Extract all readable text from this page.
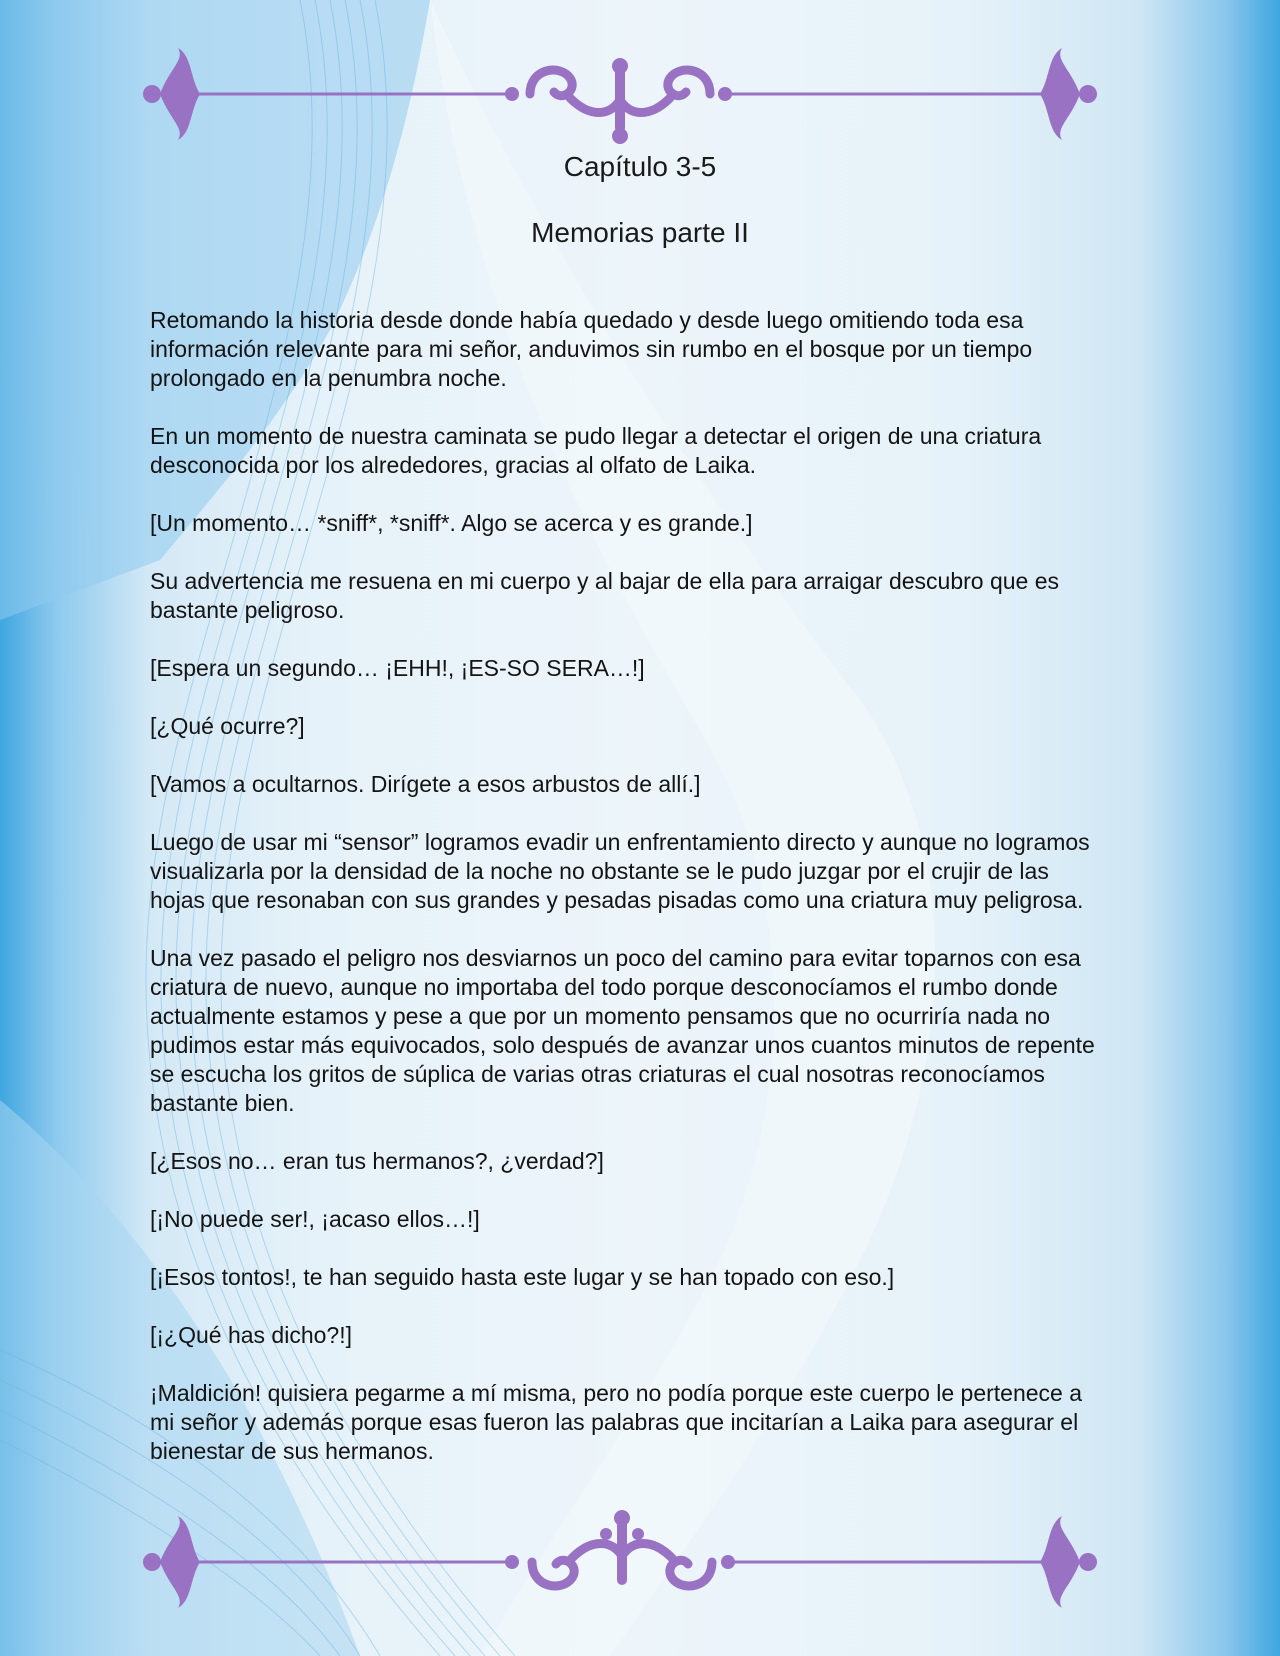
Capítulo 3-5

Memorias parte II

Retomando la historia desde donde había quedado y desde luego omitiendo toda esa información relevante para mi señor, anduvimos sin rumbo en el bosque por un tiempo prolongado en la penumbra noche.

En un momento de nuestra caminata se pudo llegar a detectar el origen de una criatura desconocida por los alrededores, gracias al olfato de Laika.

[Un momento… *sniff*, *sniff*. Algo se acerca y es grande.]

Su advertencia me resuena en mi cuerpo y al bajar de ella para arraigar descubro que es bastante peligroso.

[Espera un segundo… ¡EHH!, ¡ES-SO SERA…!]

[¿Qué ocurre?]

[Vamos a ocultarnos. Dirígete a esos arbustos de allí.]

Luego de usar mi “sensor” logramos evadir un enfrentamiento directo y aunque no logramos visualizarla por la densidad de la noche no obstante se le pudo juzgar por el crujir de las hojas que resonaban con sus grandes y pesadas pisadas como una criatura muy peligrosa.

Una vez pasado el peligro nos desviarnos un poco del camino para evitar toparnos con esa criatura de nuevo, aunque no importaba del todo porque desconocíamos el rumbo donde actualmente estamos y pese a que por un momento pensamos que no ocurriría nada no pudimos estar más equivocados, solo después de avanzar unos cuantos minutos de repente se escucha los gritos de súplica de varias otras criaturas el cual nosotras reconocíamos bastante bien.

[¿Esos no… eran tus hermanos?, ¿verdad?]

[¡No puede ser!, ¡acaso ellos…!]

[¡Esos tontos!, te han seguido hasta este lugar y se han topado con eso.]

[¡¿Qué has dicho?!]

¡Maldición! quisiera pegarme a mí misma, pero no podía porque este cuerpo le pertenece a mi señor y además porque esas fueron las palabras que incitarían a Laika para asegurar el bienestar de sus hermanos.
